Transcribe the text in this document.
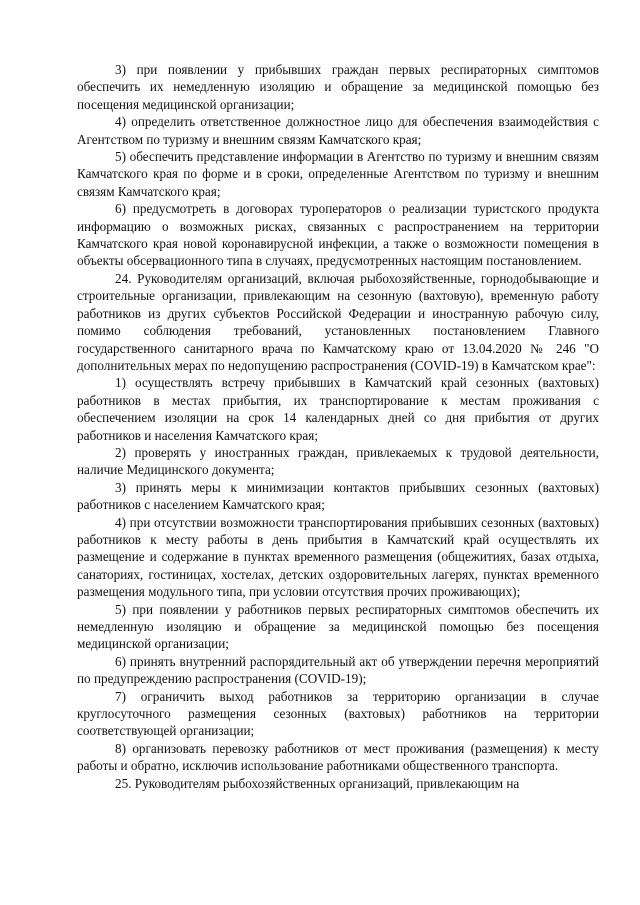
3) при появлении у прибывших граждан первых респираторных симптомов обеспечить их немедленную изоляцию и обращение за медицинской помощью без посещения медицинской организации;

4) определить ответственное должностное лицо для обеспечения взаимодействия с Агентством по туризму и внешним связям Камчатского края;

5) обеспечить представление информации в Агентство по туризму и внешним связям Камчатского края по форме и в сроки, определенные Агентством по туризму и внешним связям Камчатского края;

6) предусмотреть в договорах туроператоров о реализации туристского продукта информацию о возможных рисках, связанных с распространением на территории Камчатского края новой коронавирусной инфекции, а также о возможности помещения в объекты обсервационного типа в случаях, предусмотренных настоящим постановлением.

24. Руководителям организаций, включая рыбохозяйственные, горнодобывающие и строительные организации, привлекающим на сезонную (вахтовую), временную работу работников из других субъектов Российской Федерации и иностранную рабочую силу, помимо соблюдения требований, установленных постановлением Главного государственного санитарного врача по Камчатскому краю от 13.04.2020 № 246 "О дополнительных мерах по недопущению распространения (COVID-19) в Камчатском крае":

1) осуществлять встречу прибывших в Камчатский край сезонных (вахтовых) работников в местах прибытия, их транспортирование к местам проживания с обеспечением изоляции на срок 14 календарных дней со дня прибытия от других работников и населения Камчатского края;

2) проверять у иностранных граждан, привлекаемых к трудовой деятельности, наличие Медицинского документа;

3) принять меры к минимизации контактов прибывших сезонных (вахтовых) работников с населением Камчатского края;

4) при отсутствии возможности транспортирования прибывших сезонных (вахтовых) работников к месту работы в день прибытия в Камчатский край осуществлять их размещение и содержание в пунктах временного размещения (общежитиях, базах отдыха, санаториях, гостиницах, хостелах, детских оздоровительных лагерях, пунктах временного размещения модульного типа, при условии отсутствия прочих проживающих);

5) при появлении у работников первых респираторных симптомов обеспечить их немедленную изоляцию и обращение за медицинской помощью без посещения медицинской организации;

6) принять внутренний распорядительный акт об утверждении перечня мероприятий по предупреждению распространения (COVID-19);

7) ограничить выход работников за территорию организации в случае круглосуточного размещения сезонных (вахтовых) работников на территории соответствующей организации;

8) организовать перевозку работников от мест проживания (размещения) к месту работы и обратно, исключив использование работниками общественного транспорта.

25. Руководителям рыбохозяйственных организаций, привлекающим на
